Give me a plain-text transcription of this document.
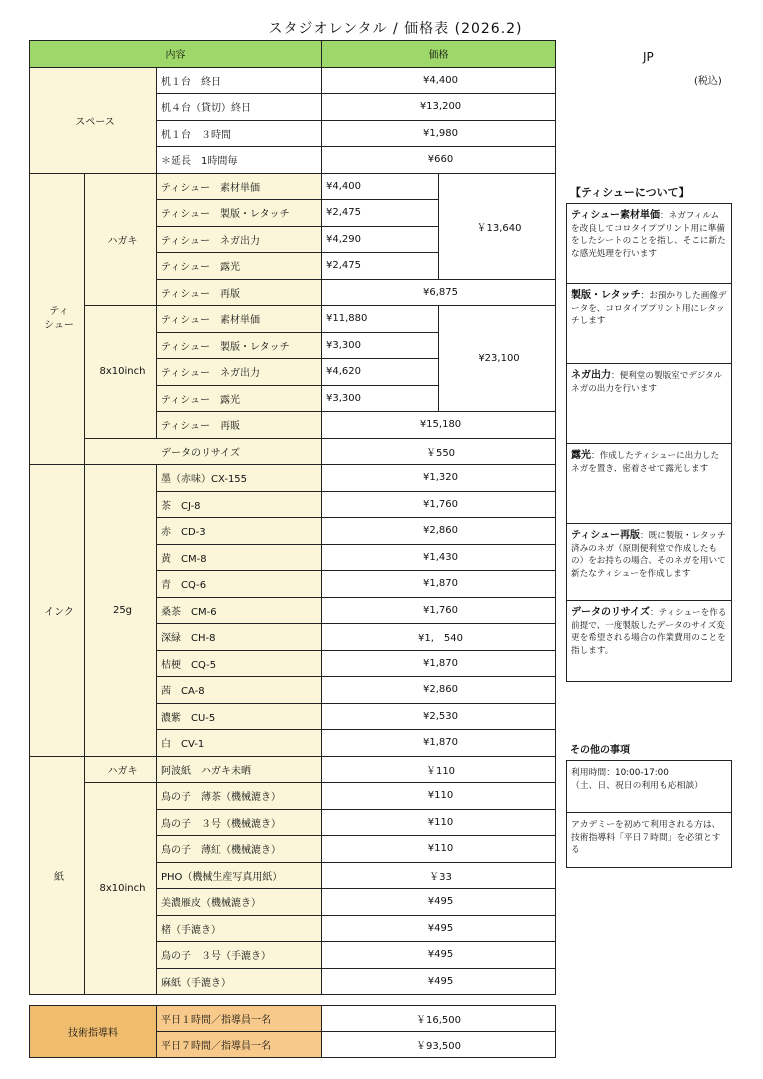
スタジオレンタル / 価格表 (2026.2)
JP
(税込)
内容			価格	
スペース		机１台　終日	¥4,400	
		机４台（貸切）終日	¥13,200	
		机１台　３時間	¥1,980	
		＊延長　1時間毎	¥660	
ティ
シュー	ハガキ	ティシュー　素材単価	¥4,400	￥13,640
		ティシュー　製版・レタッチ	¥2,475	
		ティシュー　ネガ出力	¥4,290	
		ティシュー　露光	¥2,475	
		ティシュー　再版	¥6,875	
	8x10inch	ティシュー　素材単価	¥11,880	¥23,100
		ティシュー　製版・レタッチ	¥3,300	
		ティシュー　ネガ出力	¥4,620	
		ティシュー　露光	¥3,300	
		ティシュー　再販	¥15,180	
	データのリサイズ		￥550	
インク	25g	墨（赤味）CX-155	¥1,320	
		茶　CJ-8	¥1,760	
		赤　CD-3	¥2,860	
		黄　CM-8	¥1,430	
		青　CQ-6	¥1,870	
		桑茶　CM-6	¥1,760	
		深緑　CH-8	¥1,　540	
		桔梗　CQ-5	¥1,870	
		茜　CA-8	¥2,860	
		濃紫　CU-5	¥2,530	
		白　CV-1	¥1,870	
紙	ハガキ	阿波紙　ハガキ未晒	￥110	
	8x10inch	鳥の子　薄茶（機械漉き）	¥110	
		鳥の子　３号（機械漉き）	¥110	
		鳥の子　薄紅（機械漉き）	¥110	
		PHO（機械生産写真用紙）	￥33	
		美濃雁皮（機械漉き）	¥495	
		楮（手漉き）	¥495	
		鳥の子　３号（手漉き）	¥495	
		麻紙（手漉き）	¥495	
技術指導料	平日１時間／指導員一名	￥16,500
	平日７時間／指導員一名	￥93,500
【ティシューについて】
ティシュー素材単価：ネガフィルムを改良してコロタイププリント用に準備をしたシートのことを指し、そこに新たな感光処理を行います
製版・レタッチ：お預かりした画像データを、コロタイププリント用にレタッチします
ネガ出力：便利堂の製版室でデジタルネガの出力を行います
露光：作成したティシューに出力したネガを置き、密着させて露光します
ティシュー再版：既に製版・レタッチ済みのネガ（原則便利堂で作成したもの）をお持ちの場合、そのネガを用いて新たなティシューを作成します
データのリサイズ：ティシューを作る前提で、一度製版したデータのサイズ変更を希望される場合の作業費用のことを指します。
その他の事項
利用時間：10:00-17:00
（土、日、祝日の利用も応相談）
アカデミーを初めて利用される方は、技術指導料「平日７時間」を必須とする
